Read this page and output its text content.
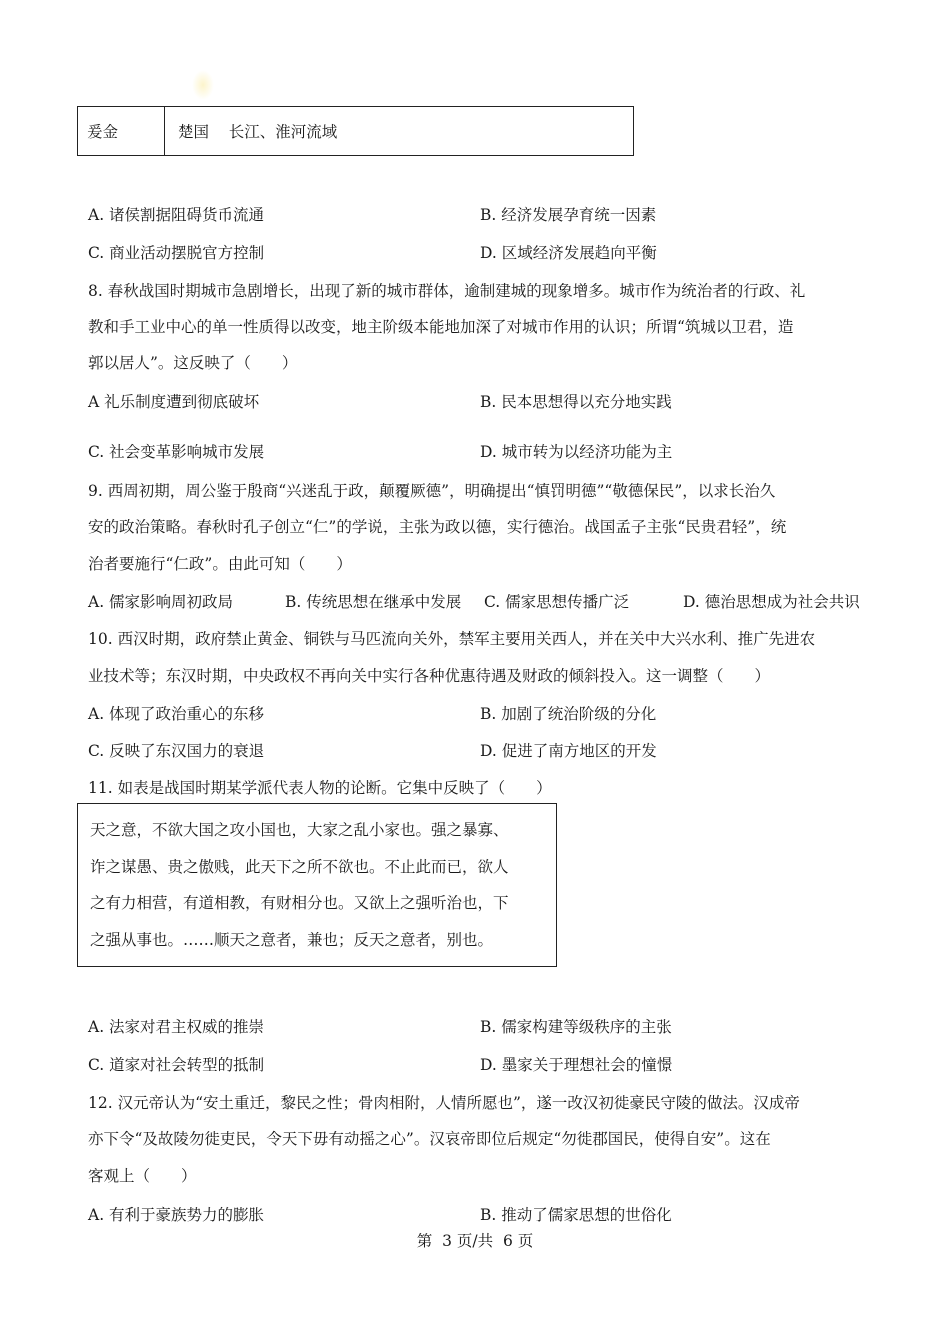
爰金	楚国    长江、淮河流域
A. 诸侯割据阻碍货币流通	B. 经济发展孕育统一因素
C. 商业活动摆脱官方控制	D. 区域经济发展趋向平衡
8. 春秋战国时期城市急剧增长，出现了新的城市群体，逾制建城的现象增多。城市作为统治者的行政、礼
教和手工业中心的单一性质得以改变，地主阶级本能地加深了对城市作用的认识；所谓“筑城以卫君，造
郭以居人”。这反映了（　　）
A 礼乐制度遭到彻底破坏	B. 民本思想得以充分地实践
C. 社会变革影响城市发展	D. 城市转为以经济功能为主
9. 西周初期，周公鉴于殷商“兴迷乱于政，颠覆厥德”，明确提出“慎罚明德”“敬德保民”，以求长治久
安的政治策略。春秋时孔子创立“仁”的学说，主张为政以德，实行德治。战国孟子主张“民贵君轻”，统
治者要施行“仁政”。由此可知（　　）
A. 儒家影响周初政局	B. 传统思想在继承中发展 C. 儒家思想传播广泛	D. 德治思想成为社会共识
10. 西汉时期，政府禁止黄金、铜铁与马匹流向关外，禁军主要用关西人，并在关中大兴水利、推广先进农
业技术等；东汉时期，中央政权不再向关中实行各种优惠待遇及财政的倾斜投入。这一调整（　　）
A. 体现了政治重心的东移	B. 加剧了统治阶级的分化
C. 反映了东汉国力的衰退	D. 促进了南方地区的开发
11. 如表是战国时期某学派代表人物的论断。它集中反映了（　　）
天之意，不欲大国之攻小国也，大家之乱小家也。强之暴寡、
诈之谋愚、贵之傲贱，此天下之所不欲也。不止此而已，欲人
之有力相营，有道相教，有财相分也。又欲上之强听治也，下
之强从事也。……顺天之意者，兼也；反天之意者，别也。
A. 法家对君主权威的推崇	B. 儒家构建等级秩序的主张
C. 道家对社会转型的抵制	D. 墨家关于理想社会的憧憬
12. 汉元帝认为“安土重迁，黎民之性；骨肉相附，人情所愿也”，遂一改汉初徙豪民守陵的做法。汉成帝
亦下令“及故陵勿徙吏民，令天下毋有动摇之心”。汉哀帝即位后规定“勿徙郡国民，使得自安”。这在
客观上（　　）
A. 有利于豪族势力的膨胀	B. 推动了儒家思想的世俗化
第  3 页/共  6 页
